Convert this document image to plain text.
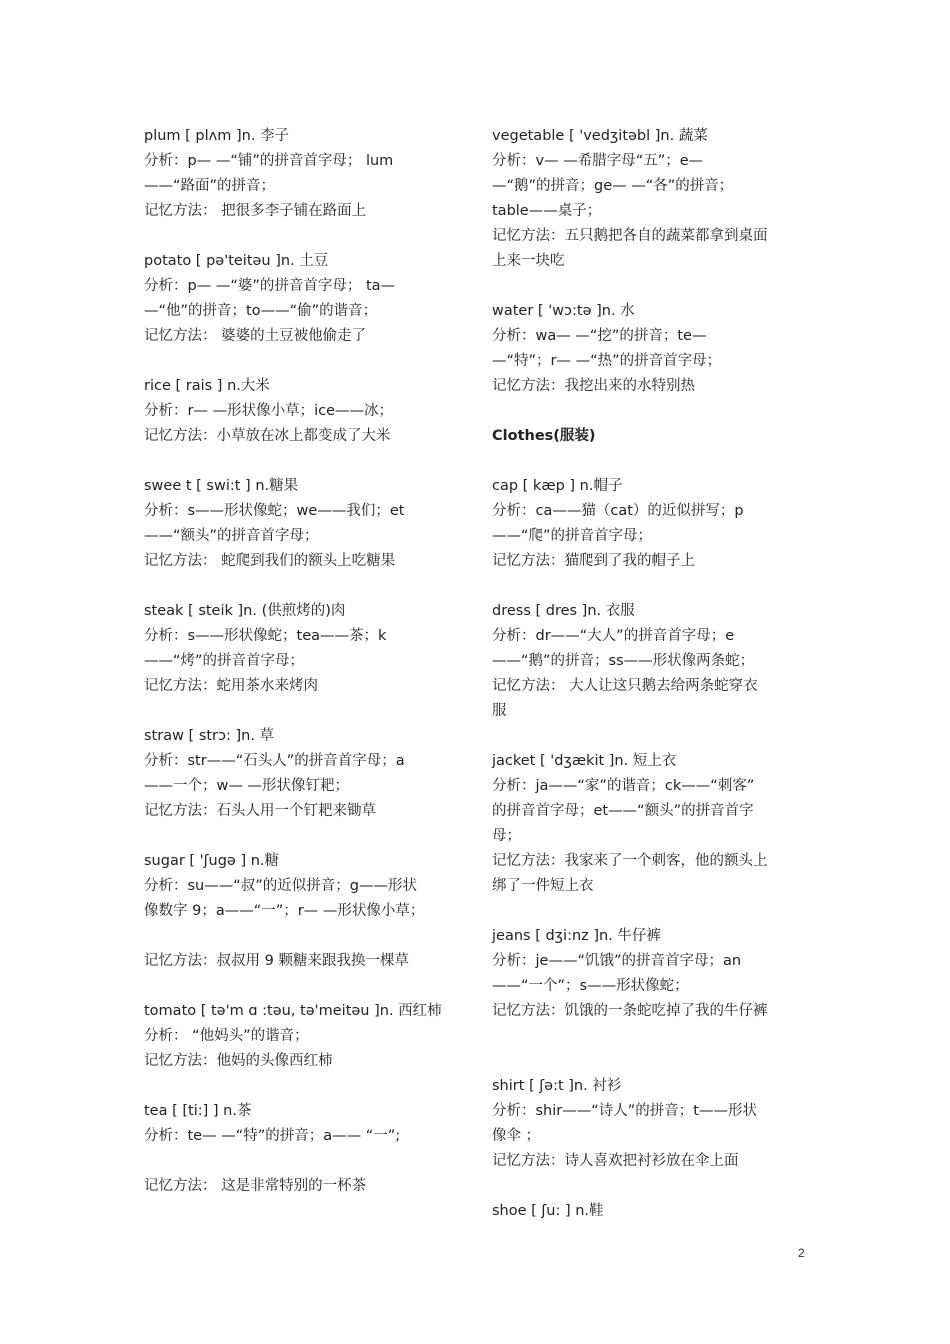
plum [ plʌm ]n. 李子
分析：p— —“铺”的拼音首字母； lum
——“路面”的拼音；
记忆方法： 把很多李子铺在路面上
potato [ pə'teitəu ]n. 土豆
分析：p— —“婆”的拼音首字母； ta—
—“他”的拼音；to——“偷”的谐音；
记忆方法： 婆婆的土豆被他偷走了
rice [ rais ] n.大米
分析：r— —形状像小草；ice——冰；
记忆方法：小草放在冰上都变成了大米
swee t [ swi:t ] n.糖果
分析：s——形状像蛇；we——我们；et
——“额头”的拼音首字母；
记忆方法： 蛇爬到我们的额头上吃糖果
steak [ steik ]n. (供煎烤的)肉
分析：s——形状像蛇；tea——茶；k
——“烤”的拼音首字母；
记忆方法：蛇用茶水来烤肉
straw [ strɔ: ]n. 草
分析：str——“石头人”的拼音首字母；a
——一个；w— —形状像钉耙；
记忆方法：石头人用一个钉耙来锄草
sugar [ 'ʃugə ] n.糖
分析：su——“叔”的近似拼音；g——形状
像数字 9；a——“一”；r— —形状像小草；
记忆方法：叔叔用 9 颗糖来跟我换一棵草
tomato [ tə'm ɑ :təu, tə'meitəu ]n. 西红柿
分析： “他妈头”的谐音；
记忆方法：他妈的头像西红柿
tea [ [ti:] ] n.茶
分析：te— —“特”的拼音；a—— “一”;
记忆方法： 这是非常特别的一杯茶
vegetable [ 'vedʒitəbl ]n. 蔬菜
分析：v— —希腊字母“五”；e—
—“鹅”的拼音；ge— —“各”的拼音；
table——桌子；
记忆方法：五只鹅把各自的蔬菜都拿到桌面
上来一块吃
water [ 'wɔ:tə ]n. 水
分析：wa— —“挖”的拼音；te—
—“特”；r— —“热”的拼音首字母；
记忆方法：我挖出来的水特别热
Clothes(服装)
cap [ kæp ] n.帽子
分析：ca——猫（cat）的近似拼写；p
——“爬”的拼音首字母；
记忆方法：猫爬到了我的帽子上
dress [ dres ]n. 衣服
分析：dr——“大人”的拼音首字母；e
——“鹅”的拼音；ss——形状像两条蛇；
记忆方法： 大人让这只鹅去给两条蛇穿衣
服
jacket [ 'dʒækit ]n. 短上衣
分析：ja——“家”的谐音；ck——“刺客”
的拼音首字母；et——“额头”的拼音首字
母；
记忆方法：我家来了一个刺客，他的额头上
绑了一件短上衣
jeans [ dʒi:nz ]n. 牛仔裤
分析：je——“饥饿”的拼音首字母；an
——“一个”；s——形状像蛇；
记忆方法：饥饿的一条蛇吃掉了我的牛仔裤
shirt [ ʃə:t ]n. 衬衫
分析：shir——“诗人”的拼音；t——形状
像伞 ；
记忆方法：诗人喜欢把衬衫放在伞上面
shoe [ ʃu: ] n.鞋
2
